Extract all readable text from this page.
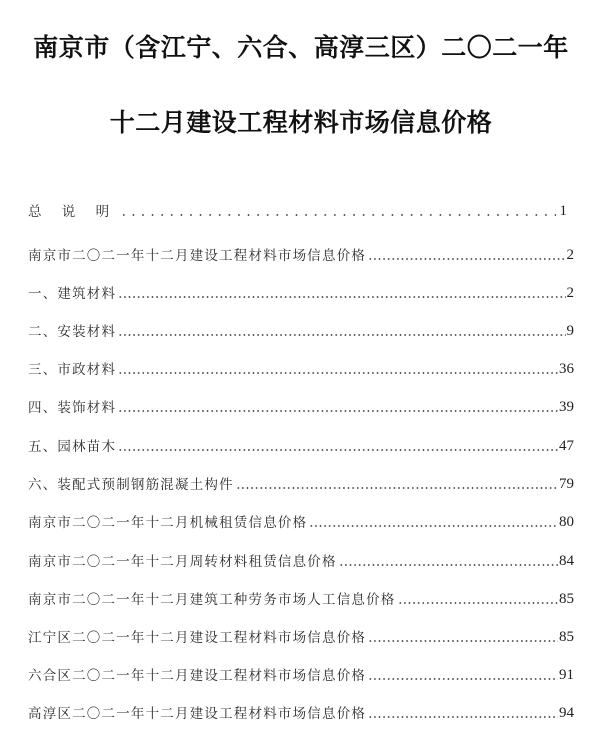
南京市（含江宁、六合、高淳三区）二〇二一年
十二月建设工程材料市场信息价格
总 说 明	1
南京市二〇二一年十二月建设工程材料市场信息价格	2
一、建筑材料	2
二、安装材料	9
三、市政材料	36
四、装饰材料	39
五、园林苗木	47
六、装配式预制钢筋混凝土构件	79
南京市二〇二一年十二月机械租赁信息价格	80
南京市二〇二一年十二月周转材料租赁信息价格	84
南京市二〇二一年十二月建筑工种劳务市场人工信息价格	85
江宁区二〇二一年十二月建设工程材料市场信息价格	85
六合区二〇二一年十二月建设工程材料市场信息价格	91
高淳区二〇二一年十二月建设工程材料市场信息价格	94
